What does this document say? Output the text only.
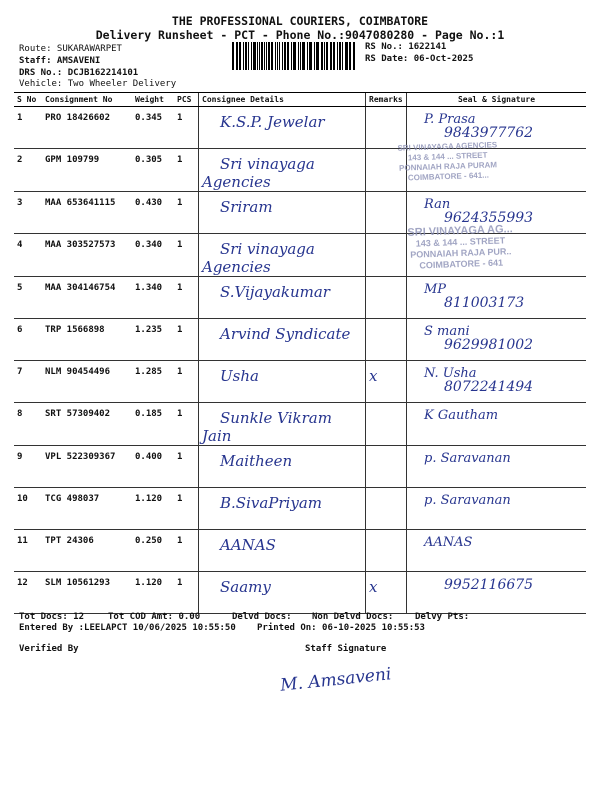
THE PROFESSIONAL COURIERS, COIMBATORE
Delivery Runsheet - PCT - Phone No.:9047080280 - Page No.:1
Route: SUKARAWARPET
Staff: AMSAVENI
DRS No.: DCJB162214101
Vehicle: Two Wheeler Delivery
RS No.: 1622141
RS Date: 06-Oct-2025
S No	Consignment No	Weight	PCS	Consignee Details	Remarks	Seal & Signature
1	PRO 18426602	0.345	1	K.S.P. Jewelar		P. Prasa
9843977762

2	GPM 109799	0.305	1	Sri vinayaga Agencies		

3	MAA 653641115	0.430	1	Sriram		Ran
9624355993

4	MAA 303527573	0.340	1	Sri vinayaga Agencies		

5	MAA 304146754	1.340	1	S.Vijayakumar		MP
811003173

6	TRP 1566898	1.235	1	Arvind Syndicate		S mani
9629981002

7	NLM 90454496	1.285	1	Usha	x	N. Usha
8072241494

8	SRT 57309402	0.185	1	Sunkle Vikram Jain		K Gautham

9	VPL 522309367	0.400	1	Maitheen		p. Saravanan

10	TCG 498037	1.120	1	B.SivaPriyam		p. Saravanan

11	TPT 24306	0.250	1	AANAS		AANAS

12	SLM 10561293	1.120	1	Saamy	x	9952116675
SRI VINAYAGA AGENCIES
143 & 144 ... STREET
PONNAIAH RAJA PURAM
COIMBATORE - 641...
SRI VINAYAGA AG...
143 & 144 ... STREET
PONNAIAH RAJA PUR..
COIMBATORE - 641
Tot Docs: 12	Tot COD Amt: 0.00	Delvd Docs: Non Delvd Docs: Delvy Pts:
Entered By :LEELAPCT 10/06/2025 10:55:50 Printed On: 06-10-2025 10:55:53
Verified By	Staff Signature
M. Amsaveni
